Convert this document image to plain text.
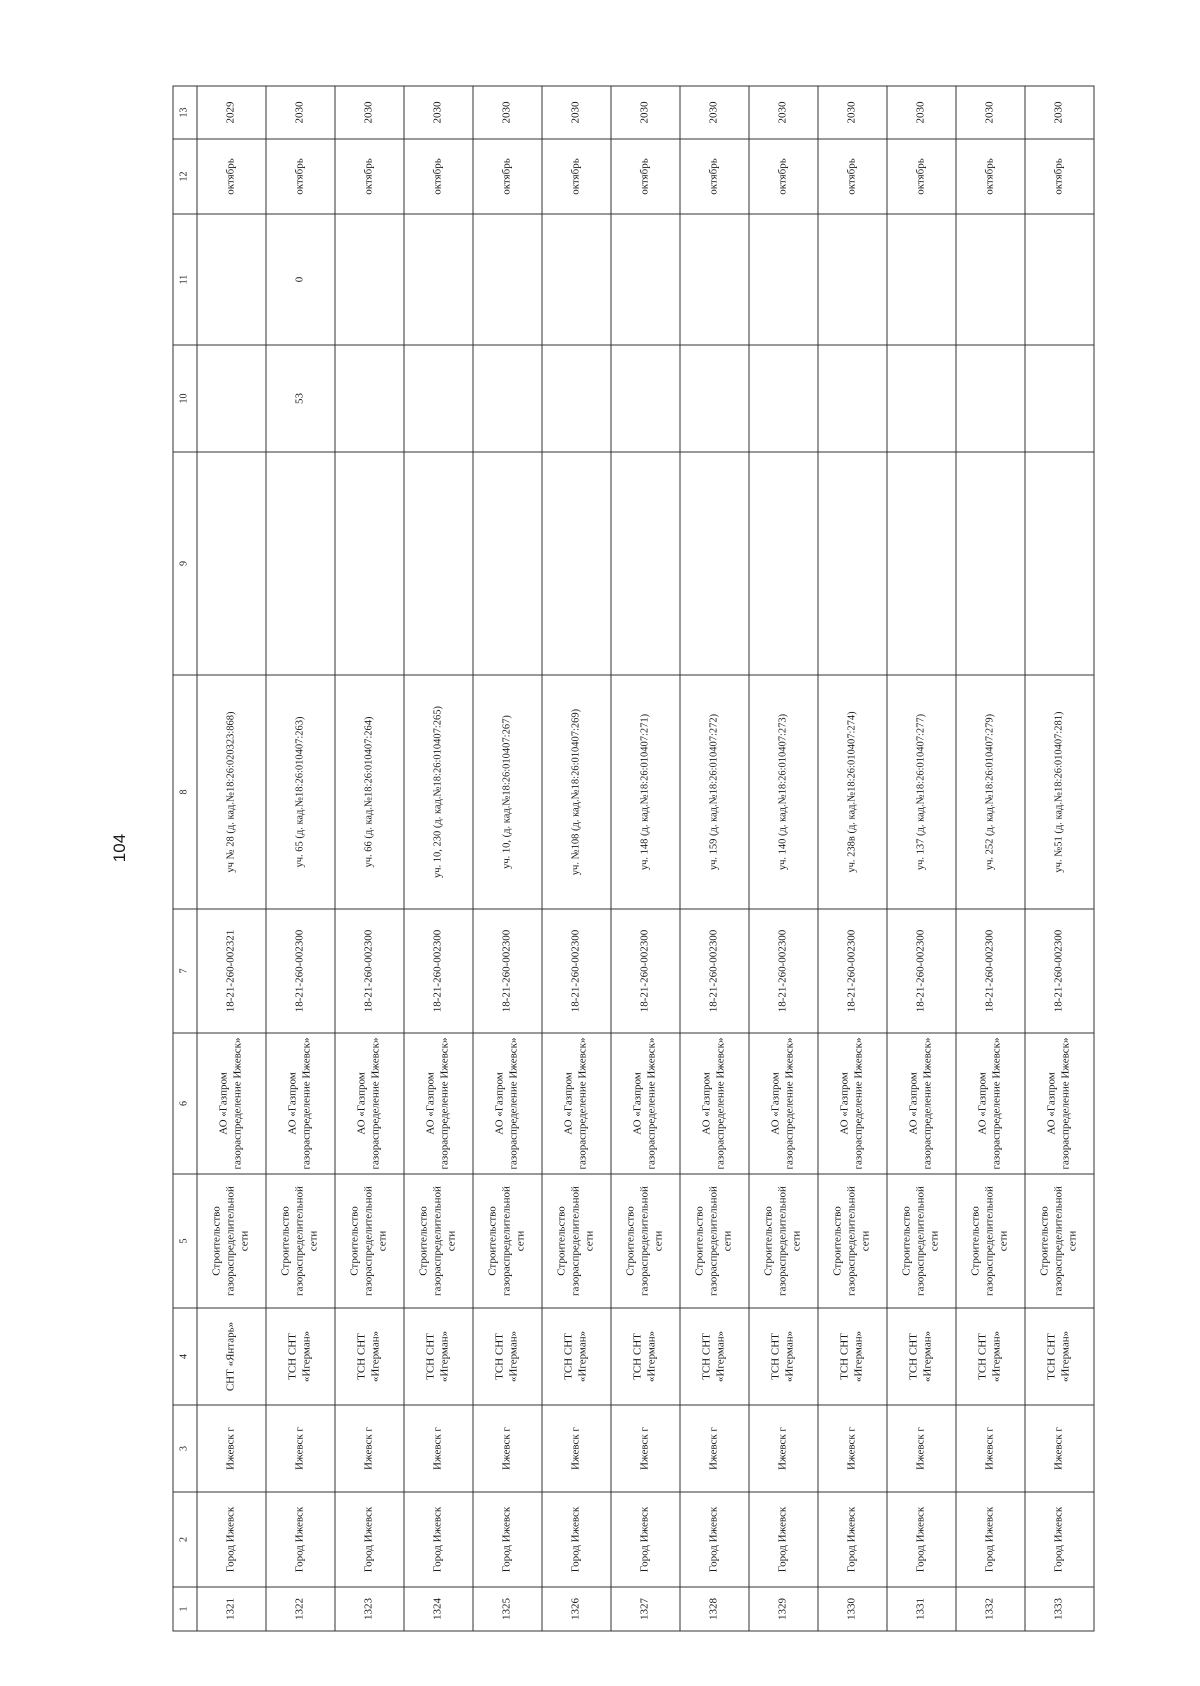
104
1	2	3	4	5	6	7	8	9	10	11	12	13
1321	Город Ижевск	Ижевск г	СНТ «Янтарь»	Строительство газораспределительной сети	АО «Газпром газораспределение Ижевск»	18-21-260-002321	уч № 28 (д. кад.№18:26:020323:868)				октябрь	2029
1322	Город Ижевск	Ижевск г	ТСН СНТ «Игерман»	Строительство газораспределительной сети	АО «Газпром газораспределение Ижевск»	18-21-260-002300	уч. 65 (д. кад.№18:26:010407:263)		53	0	октябрь	2030
1323	Город Ижевск	Ижевск г	ТСН СНТ «Игерман»	Строительство газораспределительной сети	АО «Газпром газораспределение Ижевск»	18-21-260-002300	уч. 66 (д. кад.№18:26:010407:264)				октябрь	2030
1324	Город Ижевск	Ижевск г	ТСН СНТ «Игерман»	Строительство газораспределительной сети	АО «Газпром газораспределение Ижевск»	18-21-260-002300	уч. 10, 230 (д. кад.№18:26:010407:265)				октябрь	2030
1325	Город Ижевск	Ижевск г	ТСН СНТ «Игерман»	Строительство газораспределительной сети	АО «Газпром газораспределение Ижевск»	18-21-260-002300	уч. 10, (д. кад.№18:26:010407:267)				октябрь	2030
1326	Город Ижевск	Ижевск г	ТСН СНТ «Игерман»	Строительство газораспределительной сети	АО «Газпром газораспределение Ижевск»	18-21-260-002300	уч. №108 (д. кад.№18:26:010407:269)				октябрь	2030
1327	Город Ижевск	Ижевск г	ТСН СНТ «Игерман»	Строительство газораспределительной сети	АО «Газпром газораспределение Ижевск»	18-21-260-002300	уч. 148 (д. кад.№18:26:010407:271)				октябрь	2030
1328	Город Ижевск	Ижевск г	ТСН СНТ «Игерман»	Строительство газораспределительной сети	АО «Газпром газораспределение Ижевск»	18-21-260-002300	уч. 159 (д. кад.№18:26:010407:272)				октябрь	2030
1329	Город Ижевск	Ижевск г	ТСН СНТ «Игерман»	Строительство газораспределительной сети	АО «Газпром газораспределение Ижевск»	18-21-260-002300	уч. 140 (д. кад.№18:26:010407:273)				октябрь	2030
1330	Город Ижевск	Ижевск г	ТСН СНТ «Игерман»	Строительство газораспределительной сети	АО «Газпром газораспределение Ижевск»	18-21-260-002300	уч. 238в (д. кад.№18:26:010407:274)				октябрь	2030
1331	Город Ижевск	Ижевск г	ТСН СНТ «Игерман»	Строительство газораспределительной сети	АО «Газпром газораспределение Ижевск»	18-21-260-002300	уч. 137 (д. кад.№18:26:010407:277)				октябрь	2030
1332	Город Ижевск	Ижевск г	ТСН СНТ «Игерман»	Строительство газораспределительной сети	АО «Газпром газораспределение Ижевск»	18-21-260-002300	уч. 252 (д. кад.№18:26:010407:279)				октябрь	2030
1333	Город Ижевск	Ижевск г	ТСН СНТ «Игерман»	Строительство газораспределительной сети	АО «Газпром газораспределение Ижевск»	18-21-260-002300	уч. №51 (д. кад.№18:26:010407:281)				октябрь	2030
